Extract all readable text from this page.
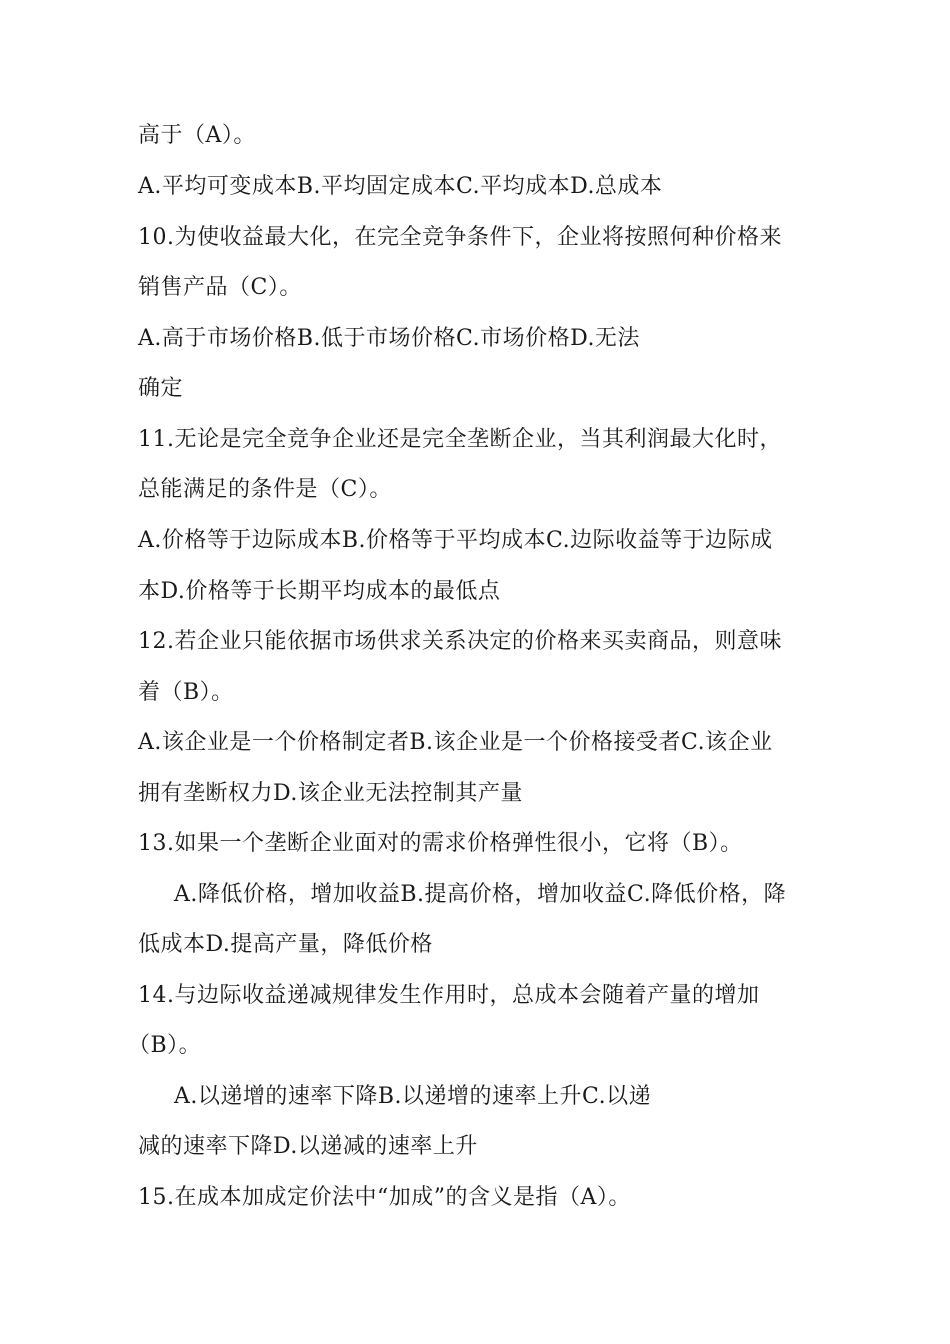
高于（A）。
A.平均可变成本B.平均固定成本C.平均成本D.总成本
10.为使收益最大化，在完全竞争条件下，企业将按照何种价格来
销售产品（C）。
A.高于市场价格B.低于市场价格C.市场价格D.无法
确定
11.无论是完全竞争企业还是完全垄断企业，当其利润最大化时，
总能满足的条件是（C）。
A.价格等于边际成本B.价格等于平均成本C.边际收益等于边际成
本D.价格等于长期平均成本的最低点
12.若企业只能依据市场供求关系决定的价格来买卖商品，则意味
着（B）。
A.该企业是一个价格制定者B.该企业是一个价格接受者C.该企业
拥有垄断权力D.该企业无法控制其产量
13.如果一个垄断企业面对的需求价格弹性很小，它将（B）。
A.降低价格，增加收益B.提高价格，增加收益C.降低价格，降
低成本D.提高产量，降低价格
14.与边际收益递减规律发生作用时，总成本会随着产量的增加
（B）。
A.以递增的速率下降B.以递增的速率上升C.以递
减的速率下降D.以递减的速率上升
15.在成本加成定价法中“加成”的含义是指（A）。
